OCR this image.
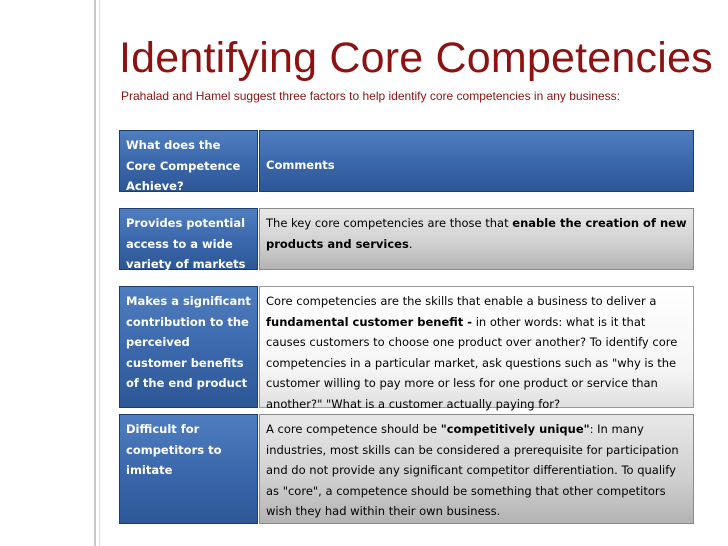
Identifying Core Competencies
Prahalad and Hamel suggest three factors to help identify core competencies in any business:
What does the Core Competence Achieve?
Comments
Provides potential access to a wide variety of markets
The key core competencies are those that enable the creation of new products and services.
Makes a significant contribution to the perceived customer benefits of the end product
Core competencies are the skills that enable a business to deliver a fundamental customer benefit - in other words: what is it that causes customers to choose one product over another? To identify core competencies in a particular market, ask questions such as "why is the customer willing to pay more or less for one product or service than another?" "What is a customer actually paying for?
Difficult for competitors to imitate
A core competence should be "competitively unique": In many industries, most skills can be considered a prerequisite for participation and do not provide any significant competitor differentiation. To qualify as "core", a competence should be something that other competitors wish they had within their own business.
